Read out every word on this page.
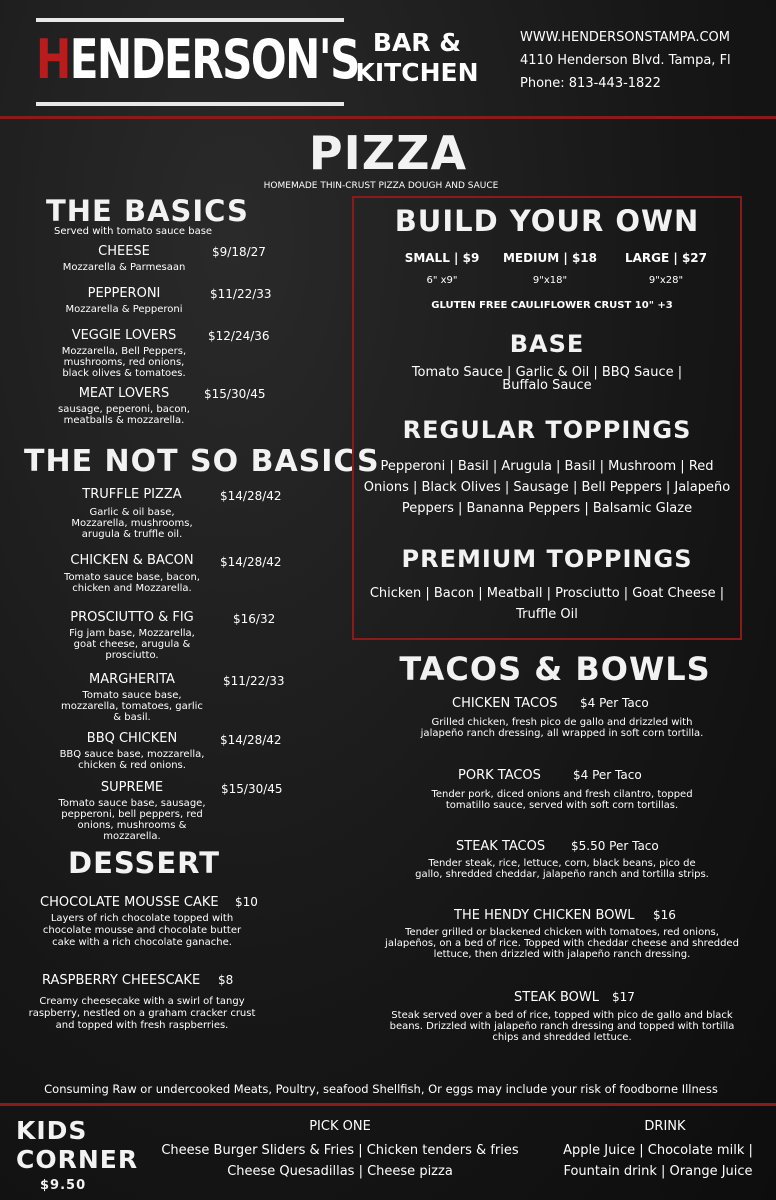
HENDERSON'S BAR &
KITCHEN
WWW.HENDERSONSTAMPA.COM
4110 Henderson Blvd. Tampa, Fl
Phone: 813-443-1822
PIZZA
HOMEMADE THIN-CRUST PIZZA DOUGH AND SAUCE
THE BASICS
Served with tomato sauce base
CHEESE	$9/18/27
Mozzarella & Parmesaan
PEPPERONI	$11/22/33
Mozzarella & Pepperoni
VEGGIE LOVERS	$12/24/36
Mozzarella, Bell Peppers,
mushrooms, red onions,
black olives & tomatoes.
MEAT LOVERS	$15/30/45
sausage, peperoni, bacon,
meatballs & mozzarella.
THE NOT SO BASICS
TRUFFLE PIZZA	$14/28/42
Garlic & oil base,
Mozzarella, mushrooms,
arugula & truffle oil.
CHICKEN & BACON	$14/28/42
Tomato sauce base, bacon,
chicken and Mozzarella.
PROSCIUTTO & FIG	$16/32
Fig jam base, Mozzarella,
goat cheese, arugula &
prosciutto.
MARGHERITA	$11/22/33
Tomato sauce base,
mozzarella, tomatoes, garlic
& basil.
BBQ CHICKEN	$14/28/42
BBQ sauce base, mozzarella,
chicken & red onions.
SUPREME	$15/30/45
Tomato sauce base, sausage,
pepperoni, bell peppers, red
onions, mushrooms & mozzarella.
DESSERT
CHOCOLATE MOUSSE CAKE $10
Layers of rich chocolate topped with
chocolate mousse and chocolate butter
cake with a rich chocolate ganache.
RASPBERRY CHEESCAKE $8
Creamy cheesecake with a swirl of tangy
raspberry, nestled on a graham cracker crust
and topped with fresh raspberries.
BUILD YOUR OWN
SMALL | $9
6" x9"
MEDIUM | $18
9"x18"
LARGE | $27
9"x28"
GLUTEN FREE CAULIFLOWER CRUST 10" +3
BASE
Tomato Sauce | Garlic & Oil | BBQ Sauce |
Buffalo Sauce
REGULAR TOPPINGS
Pepperoni | Basil | Arugula | Basil | Mushroom | Red
Onions | Black Olives | Sausage | Bell Peppers | Jalapeño
Peppers | Bananna Peppers | Balsamic Glaze
PREMIUM TOPPINGS
Chicken | Bacon | Meatball | Prosciutto | Goat Cheese |
Truffle Oil
TACOS & BOWLS
CHICKEN TACOS $4 Per Taco
Grilled chicken, fresh pico de gallo and drizzled with
jalapeño ranch dressing, all wrapped in soft corn tortilla.
PORK TACOS	$4 Per Taco
Tender pork, diced onions and fresh cilantro, topped
tomatillo sauce, served with soft corn tortillas.
STEAK TACOS $5.50 Per Taco
Tender steak, rice, lettuce, corn, black beans, pico de
gallo, shredded cheddar, jalapeño ranch and tortilla strips.
THE HENDY CHICKEN BOWL $16
Tender grilled or blackened chicken with tomatoes, red onions,
jalapeños, on a bed of rice. Topped with cheddar cheese and shredded
lettuce, then drizzled with jalapeño ranch dressing.
STEAK BOWL $17
Steak served over a bed of rice, topped with pico de gallo and black
beans. Drizzled with jalapeño ranch dressing and topped with tortilla
chips and shredded lettuce.
Consuming Raw or undercooked Meats, Poultry, seafood Shellfish, Or eggs may include your risk of foodborne Illness
KIDS
CORNER
$9.50
PICK ONE
Cheese Burger Sliders & Fries | Chicken tenders & fries
Cheese Quesadillas | Cheese pizza
DRINK
Apple Juice | Chocolate milk |
Fountain drink | Orange Juice
